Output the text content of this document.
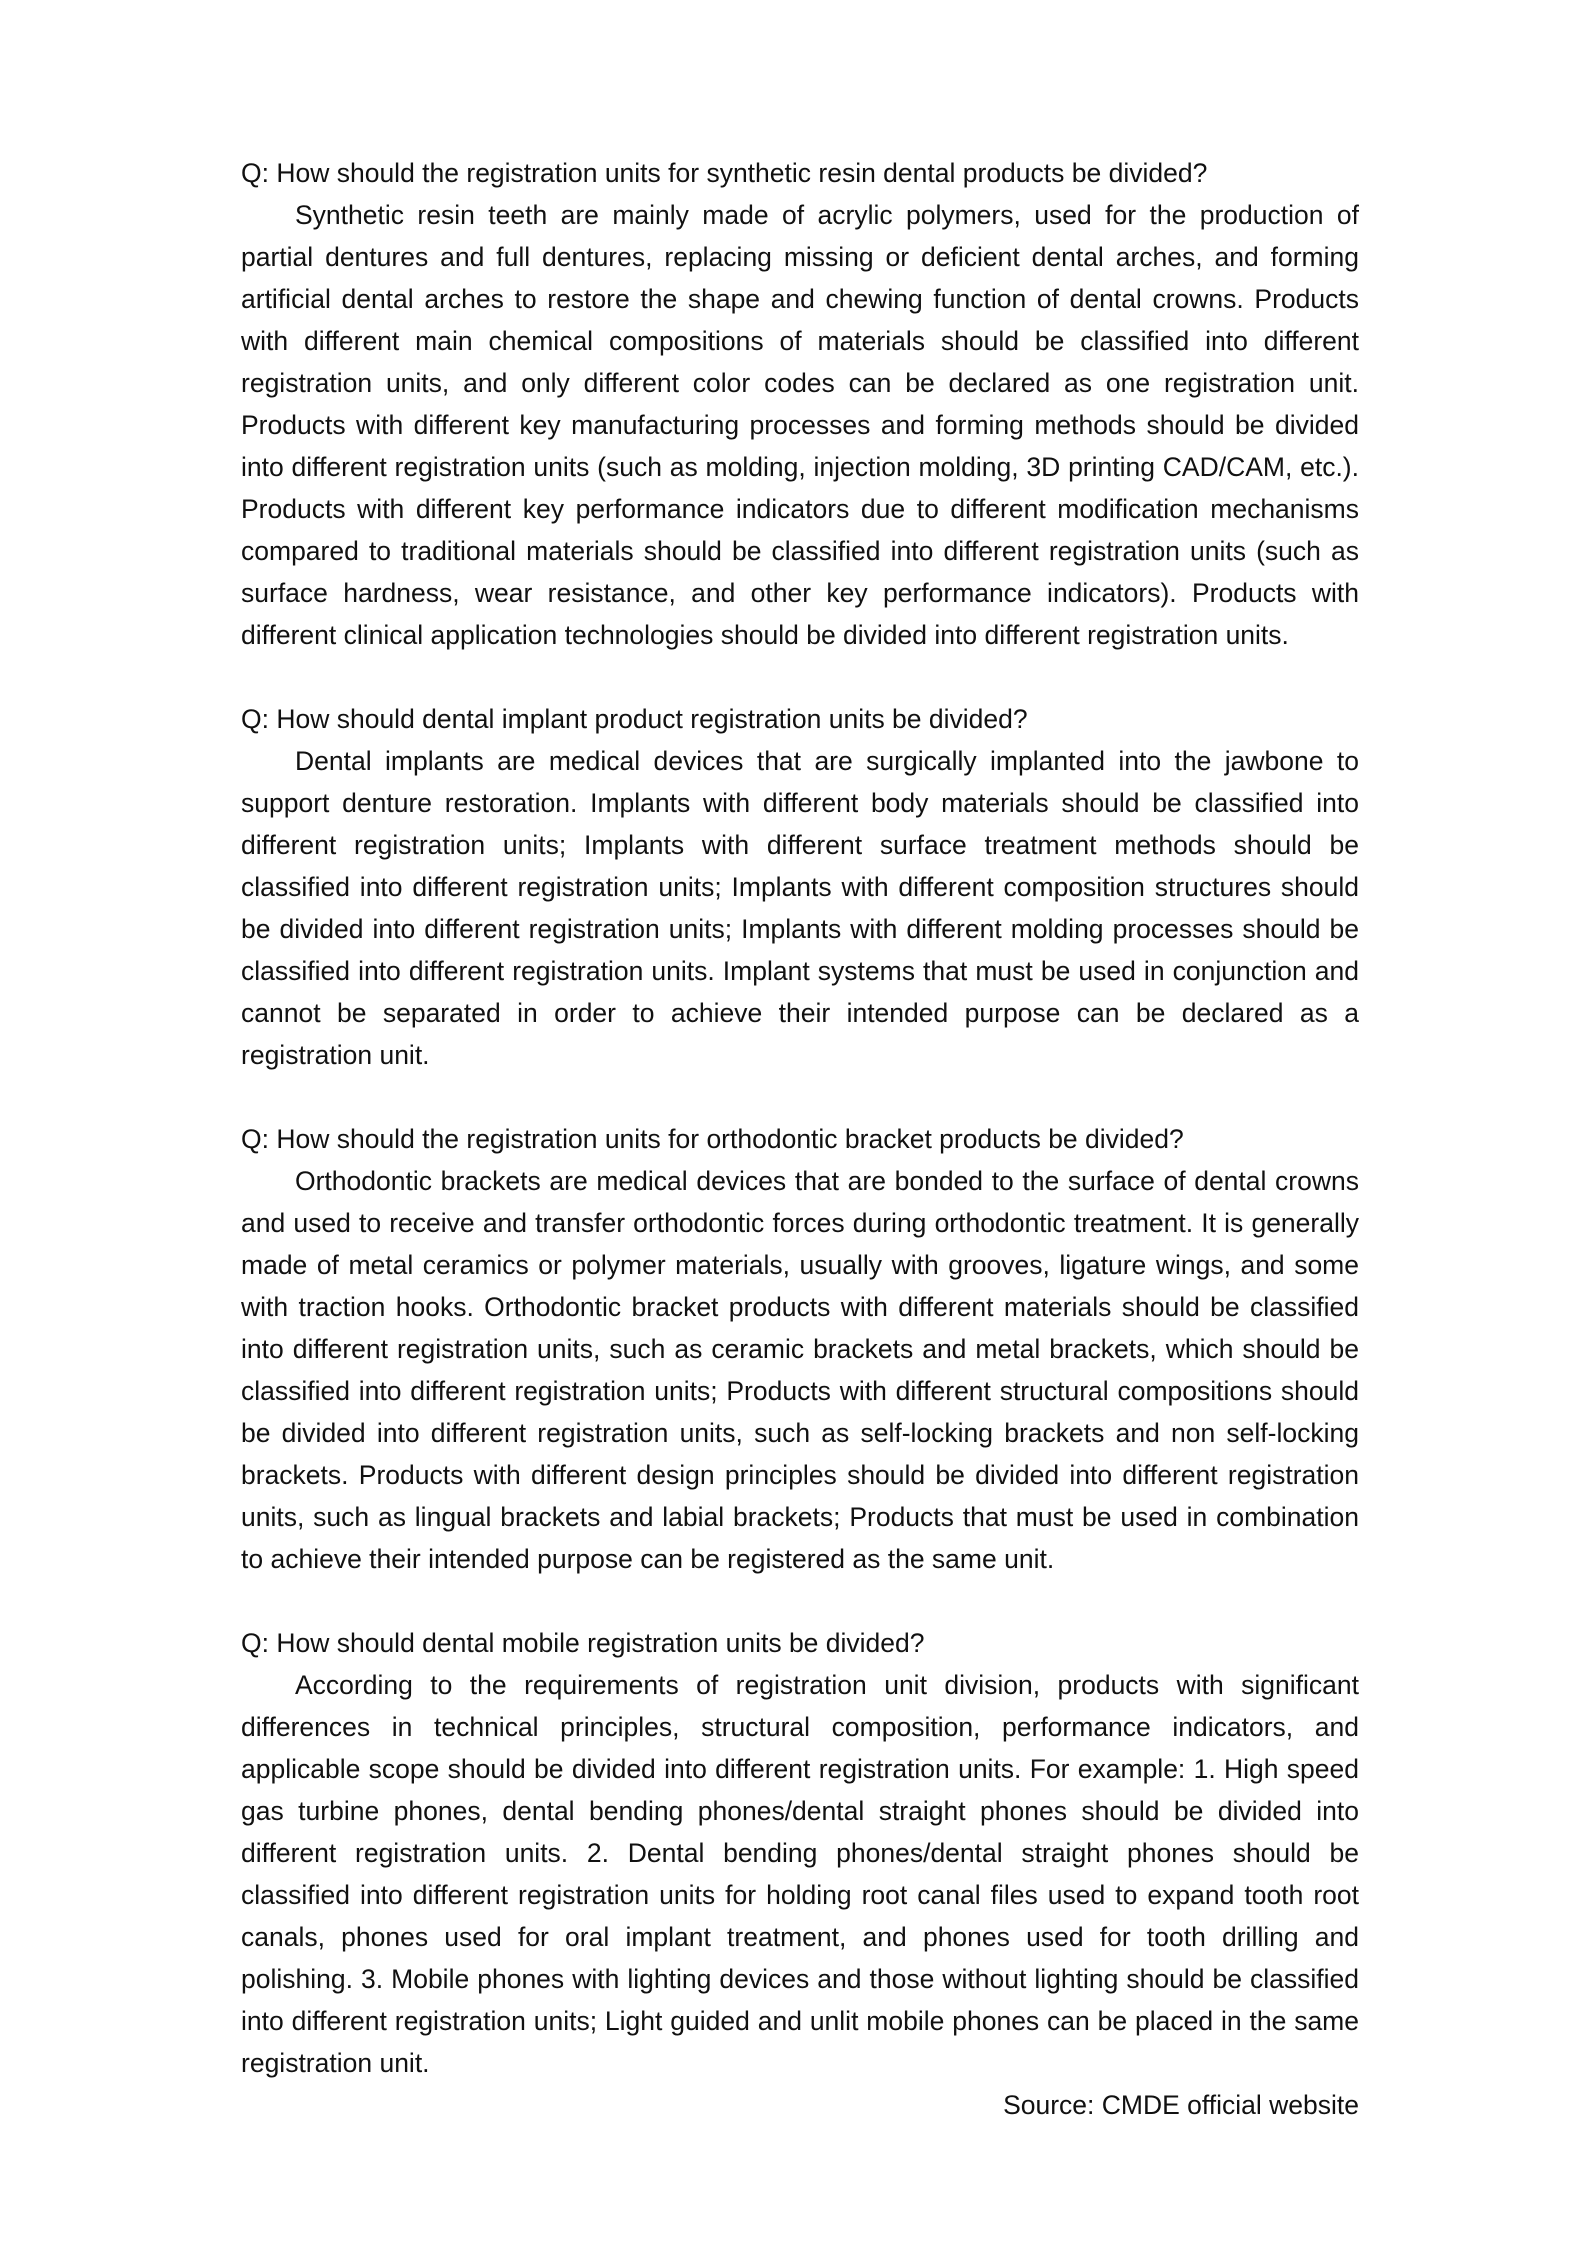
Q: How should the registration units for synthetic resin dental products be divided?

Synthetic resin teeth are mainly made of acrylic polymers, used for the production of partial dentures and full dentures, replacing missing or deficient dental arches, and forming artificial dental arches to restore the shape and chewing function of dental crowns. Products with different main chemical compositions of materials should be classified into different registration units, and only different color codes can be declared as one registration unit. Products with different key manufacturing processes and forming methods should be divided into different registration units (such as molding, injection molding, 3D printing CAD/CAM, etc.). Products with different key performance indicators due to different modification mechanisms compared to traditional materials should be classified into different registration units (such as surface hardness, wear resistance, and other key performance indicators). Products with different clinical application technologies should be divided into different registration units.

Q: How should dental implant product registration units be divided?

Dental implants are medical devices that are surgically implanted into the jawbone to support denture restoration. Implants with different body materials should be classified into different registration units; Implants with different surface treatment methods should be classified into different registration units; Implants with different composition structures should be divided into different registration units; Implants with different molding processes should be classified into different registration units. Implant systems that must be used in conjunction and cannot be separated in order to achieve their intended purpose can be declared as a registration unit.

Q: How should the registration units for orthodontic bracket products be divided?

Orthodontic brackets are medical devices that are bonded to the surface of dental crowns and used to receive and transfer orthodontic forces during orthodontic treatment. It is generally made of metal ceramics or polymer materials, usually with grooves, ligature wings, and some with traction hooks. Orthodontic bracket products with different materials should be classified into different registration units, such as ceramic brackets and metal brackets, which should be classified into different registration units; Products with different structural compositions should be divided into different registration units, such as self-locking brackets and non self-locking brackets. Products with different design principles should be divided into different registration units, such as lingual brackets and labial brackets; Products that must be used in combination to achieve their intended purpose can be registered as the same unit.

Q: How should dental mobile registration units be divided?

According to the requirements of registration unit division, products with significant differences in technical principles, structural composition, performance indicators, and applicable scope should be divided into different registration units. For example: 1. High speed gas turbine phones, dental bending phones/dental straight phones should be divided into different registration units. 2. Dental bending phones/dental straight phones should be classified into different registration units for holding root canal files used to expand tooth root canals, phones used for oral implant treatment, and phones used for tooth drilling and polishing. 3. Mobile phones with lighting devices and those without lighting should be classified into different registration units; Light guided and unlit mobile phones can be placed in the same registration unit.

Source: CMDE official website
